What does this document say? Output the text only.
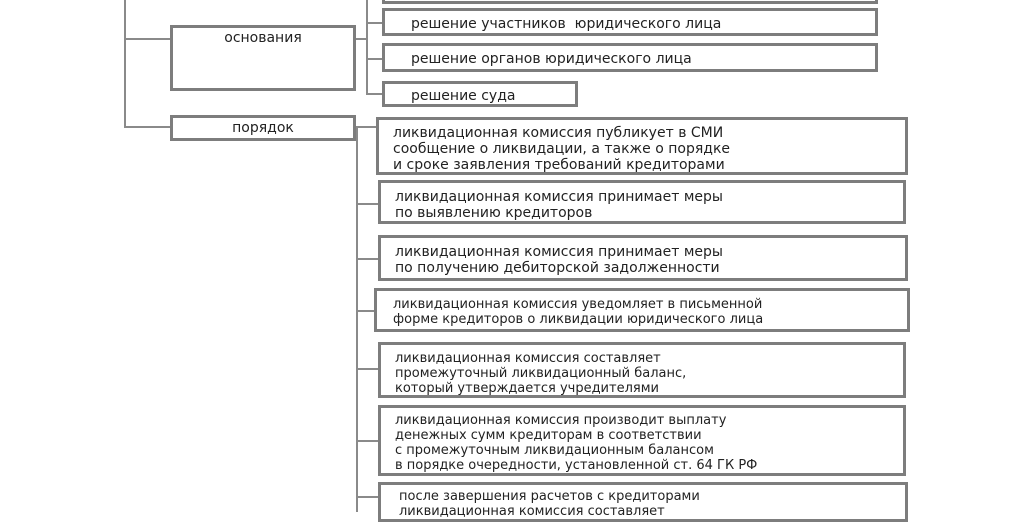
основания
порядок
решение участников  юридического лица
решение органов юридического лица
решение суда
ликвидационная комиссия публикует в СМИ
сообщение о ликвидации, а также о порядке
и сроке заявления требований кредиторами
ликвидационная комиссия принимает меры
по выявлению кредиторов
ликвидационная комиссия принимает меры
по получению дебиторской задолженности
ликвидационная комиссия уведомляет в письменной
форме кредиторов о ликвидации юридического лица
ликвидационная комиссия составляет
промежуточный ликвидационный баланс,
который утверждается учредителями
ликвидационная комиссия производит выплату
денежных сумм кредиторам в соответствии
с промежуточным ликвидационным балансом
в порядке очередности, установленной ст. 64 ГК РФ
после завершения расчетов с кредиторами
ликвидационная комиссия составляет
